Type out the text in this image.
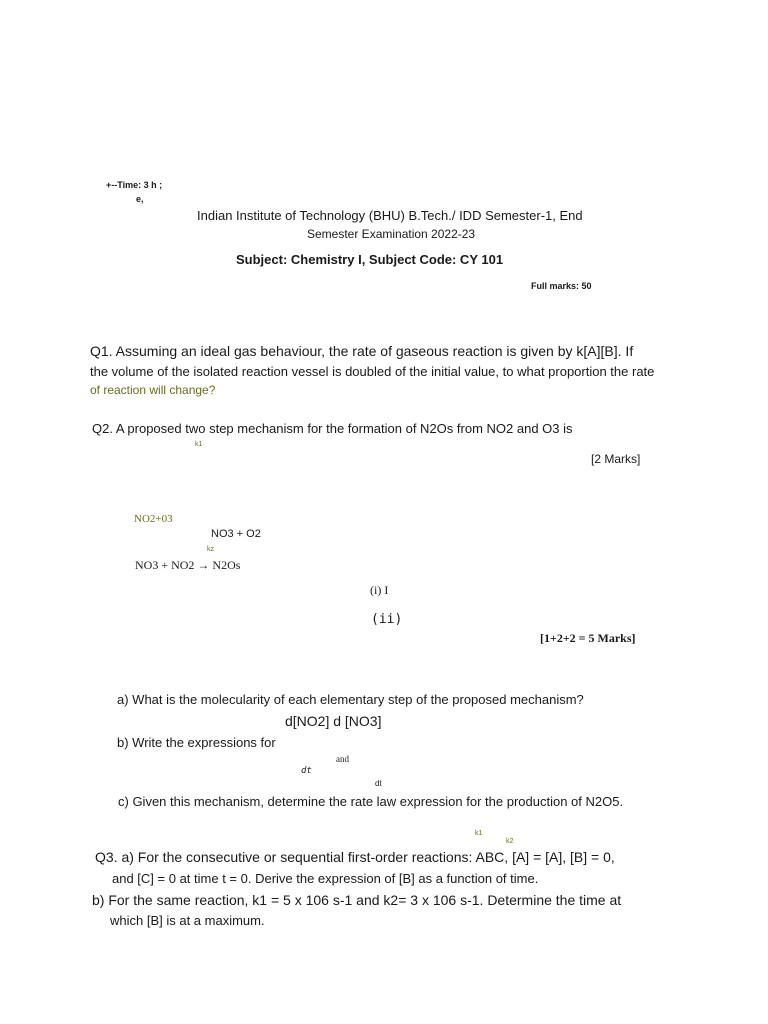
+--Time: 3 h ;
e,
Indian Institute of Technology (BHU) B.Tech./ IDD Semester-1, End
Semester Examination 2022-23
Subject: Chemistry I, Subject Code: CY 101
Full marks: 50
Q1. Assuming an ideal gas behaviour, the rate of gaseous reaction is given by k[A][B]. If
the volume of the isolated reaction vessel is doubled of the initial value, to what proportion the rate
of reaction will change?
Q2. A proposed two step mechanism for the formation of N2Os from NO2 and O3 is
k1
[2 Marks]
NO2+03
NO3 + O2
kz
NO3 + NO2 → N2Os
(i) I
(ii)
[1+2+2 = 5 Marks]
a) What is the molecularity of each elementary step of the proposed mechanism?
d[NO2] d [NO3]
b) Write the expressions for
and
dt
dt
c) Given this mechanism, determine the rate law expression for the production of N2O5.
k1
k2
Q3. a) For the consecutive or sequential first-order reactions: ABC, [A] = [A], [B] = 0,
and [C] = 0 at time t = 0. Derive the expression of [B] as a function of time.
b) For the same reaction, k1 = 5 x 106 s-1 and k2= 3 x 106 s-1. Determine the time at
which [B] is at a maximum.
